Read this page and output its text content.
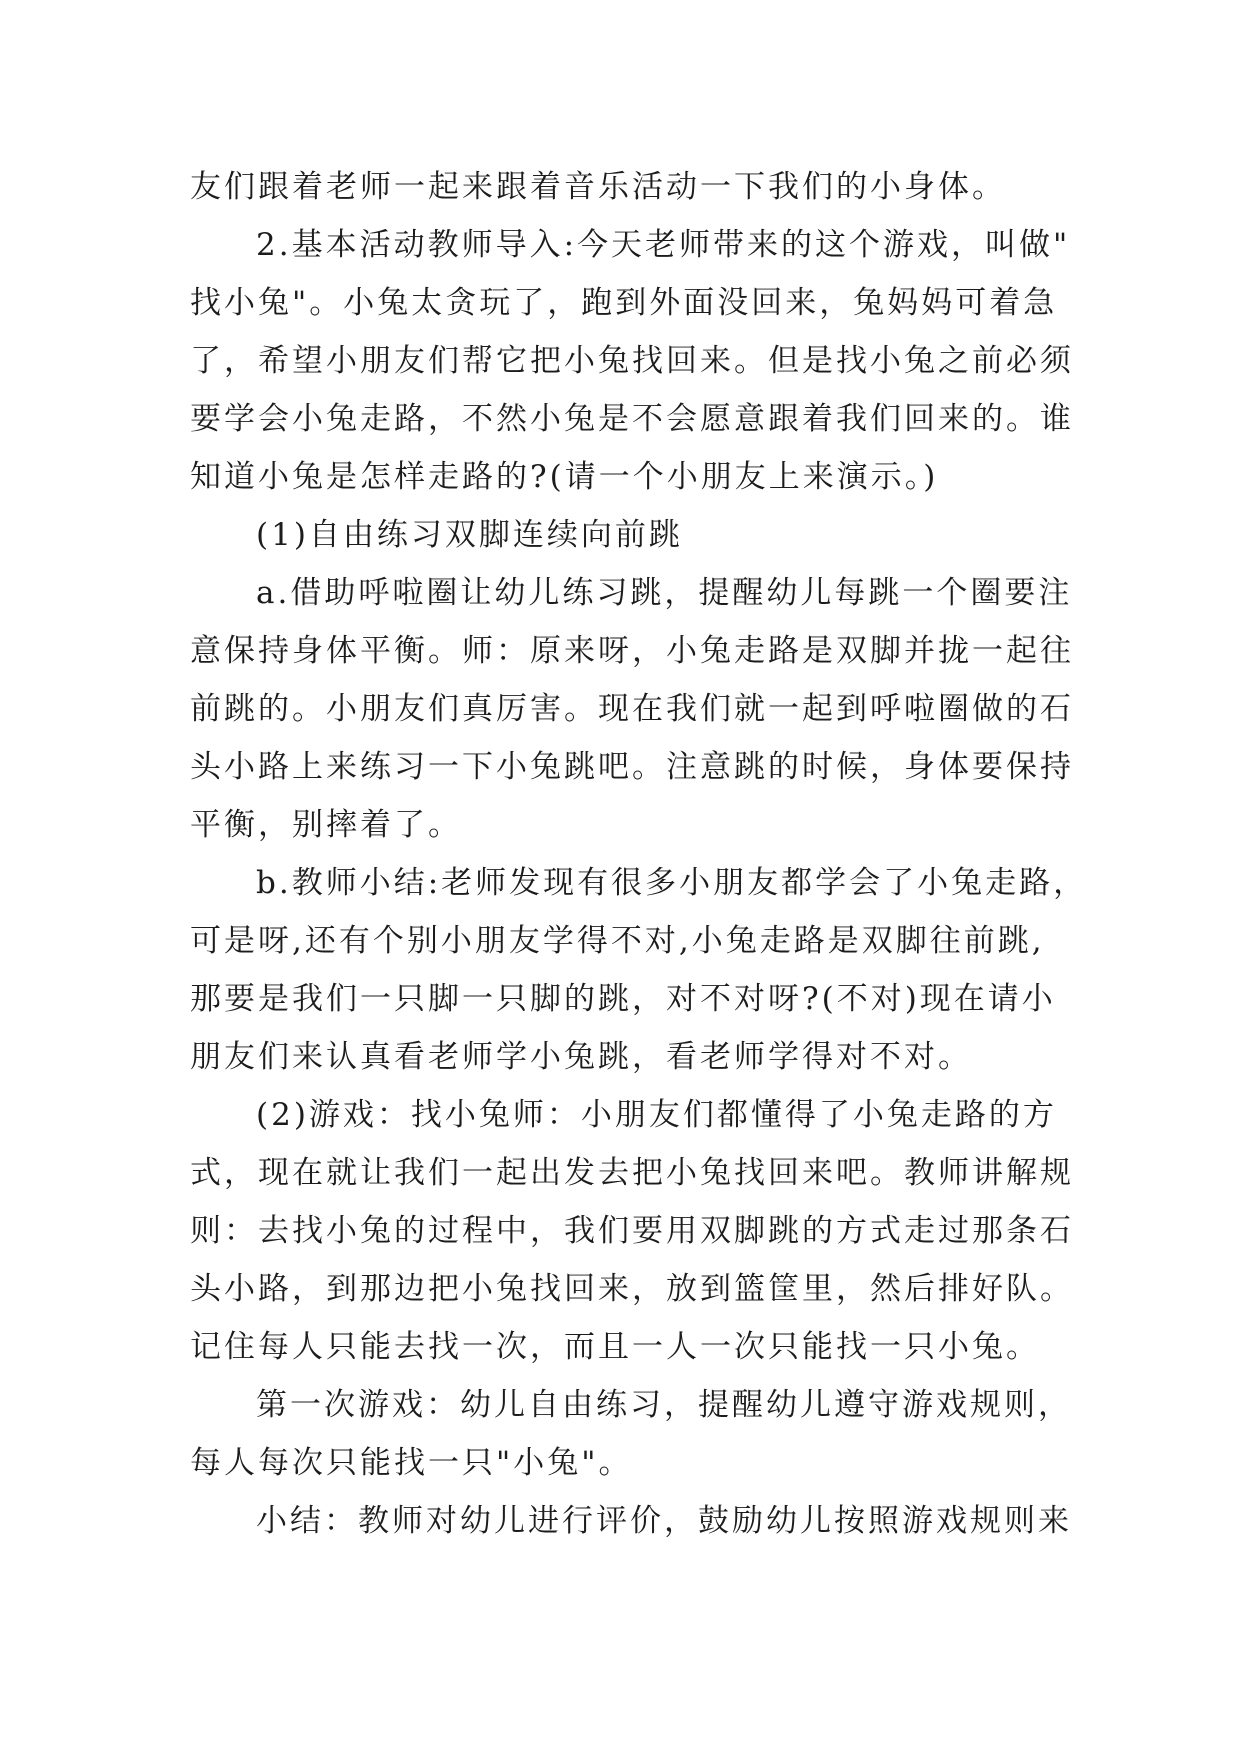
友们跟着老师一起来跟着音乐活动一下我们的小身体。
2.基本活动教师导入:今天老师带来的这个游戏，叫做"
找小兔"。小兔太贪玩了，跑到外面没回来，兔妈妈可着急
了，希望小朋友们帮它把小兔找回来。但是找小兔之前必须
要学会小兔走路，不然小兔是不会愿意跟着我们回来的。谁
知道小兔是怎样走路的?(请一个小朋友上来演示。)
(1)自由练习双脚连续向前跳
a.借助呼啦圈让幼儿练习跳，提醒幼儿每跳一个圈要注
意保持身体平衡。师：原来呀，小兔走路是双脚并拢一起往
前跳的。小朋友们真厉害。现在我们就一起到呼啦圈做的石
头小路上来练习一下小兔跳吧。注意跳的时候，身体要保持
平衡，别摔着了。
b.教师小结:老师发现有很多小朋友都学会了小兔走路，
可是呀,还有个别小朋友学得不对,小兔走路是双脚往前跳,
那要是我们一只脚一只脚的跳，对不对呀?(不对)现在请小
朋友们来认真看老师学小兔跳，看老师学得对不对。
(2)游戏：找小兔师：小朋友们都懂得了小兔走路的方
式，现在就让我们一起出发去把小兔找回来吧。教师讲解规
则：去找小兔的过程中，我们要用双脚跳的方式走过那条石
头小路，到那边把小兔找回来，放到篮筐里，然后排好队。
记住每人只能去找一次，而且一人一次只能找一只小兔。
第一次游戏：幼儿自由练习，提醒幼儿遵守游戏规则，
每人每次只能找一只"小兔"。
小结：教师对幼儿进行评价，鼓励幼儿按照游戏规则来
